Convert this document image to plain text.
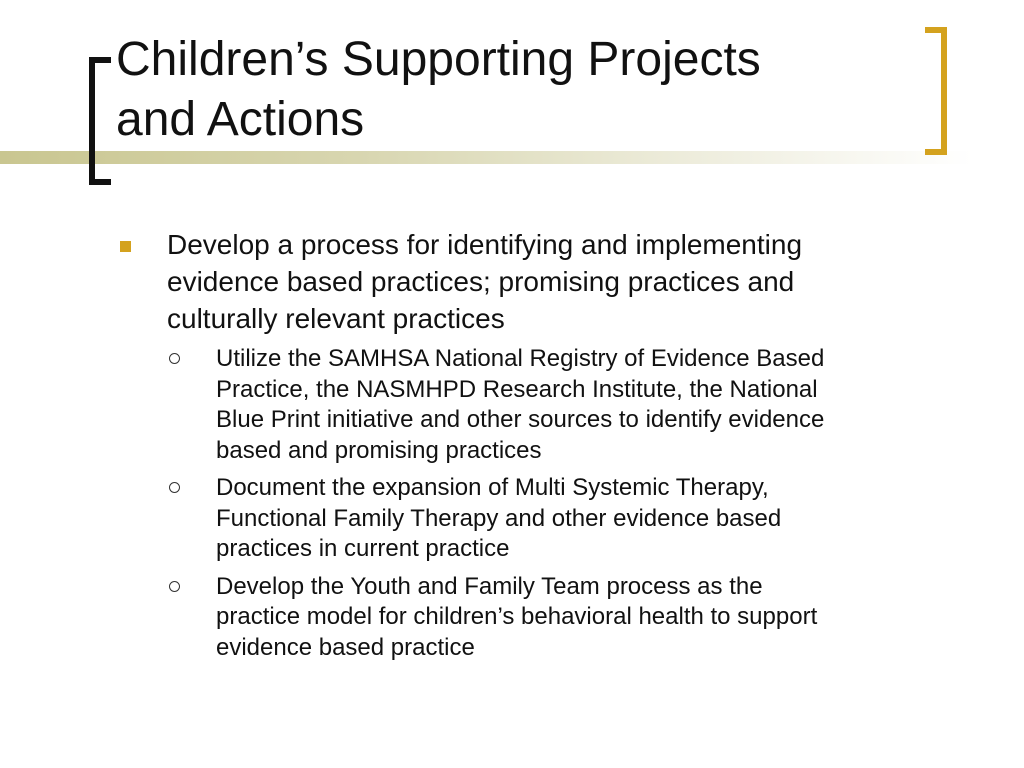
Children’s Supporting Projects
and Actions
Develop a process for identifying and implementing
evidence based practices; promising practices and
culturally relevant practices
Utilize the SAMHSA National Registry of Evidence Based
Practice, the NASMHPD Research Institute, the National
Blue Print initiative and other sources to identify evidence
based and promising practices
Document the expansion of Multi Systemic Therapy,
Functional Family Therapy and other evidence based
practices in current practice
Develop the Youth and Family Team process as the
practice model for children’s behavioral health to support
evidence based practice
